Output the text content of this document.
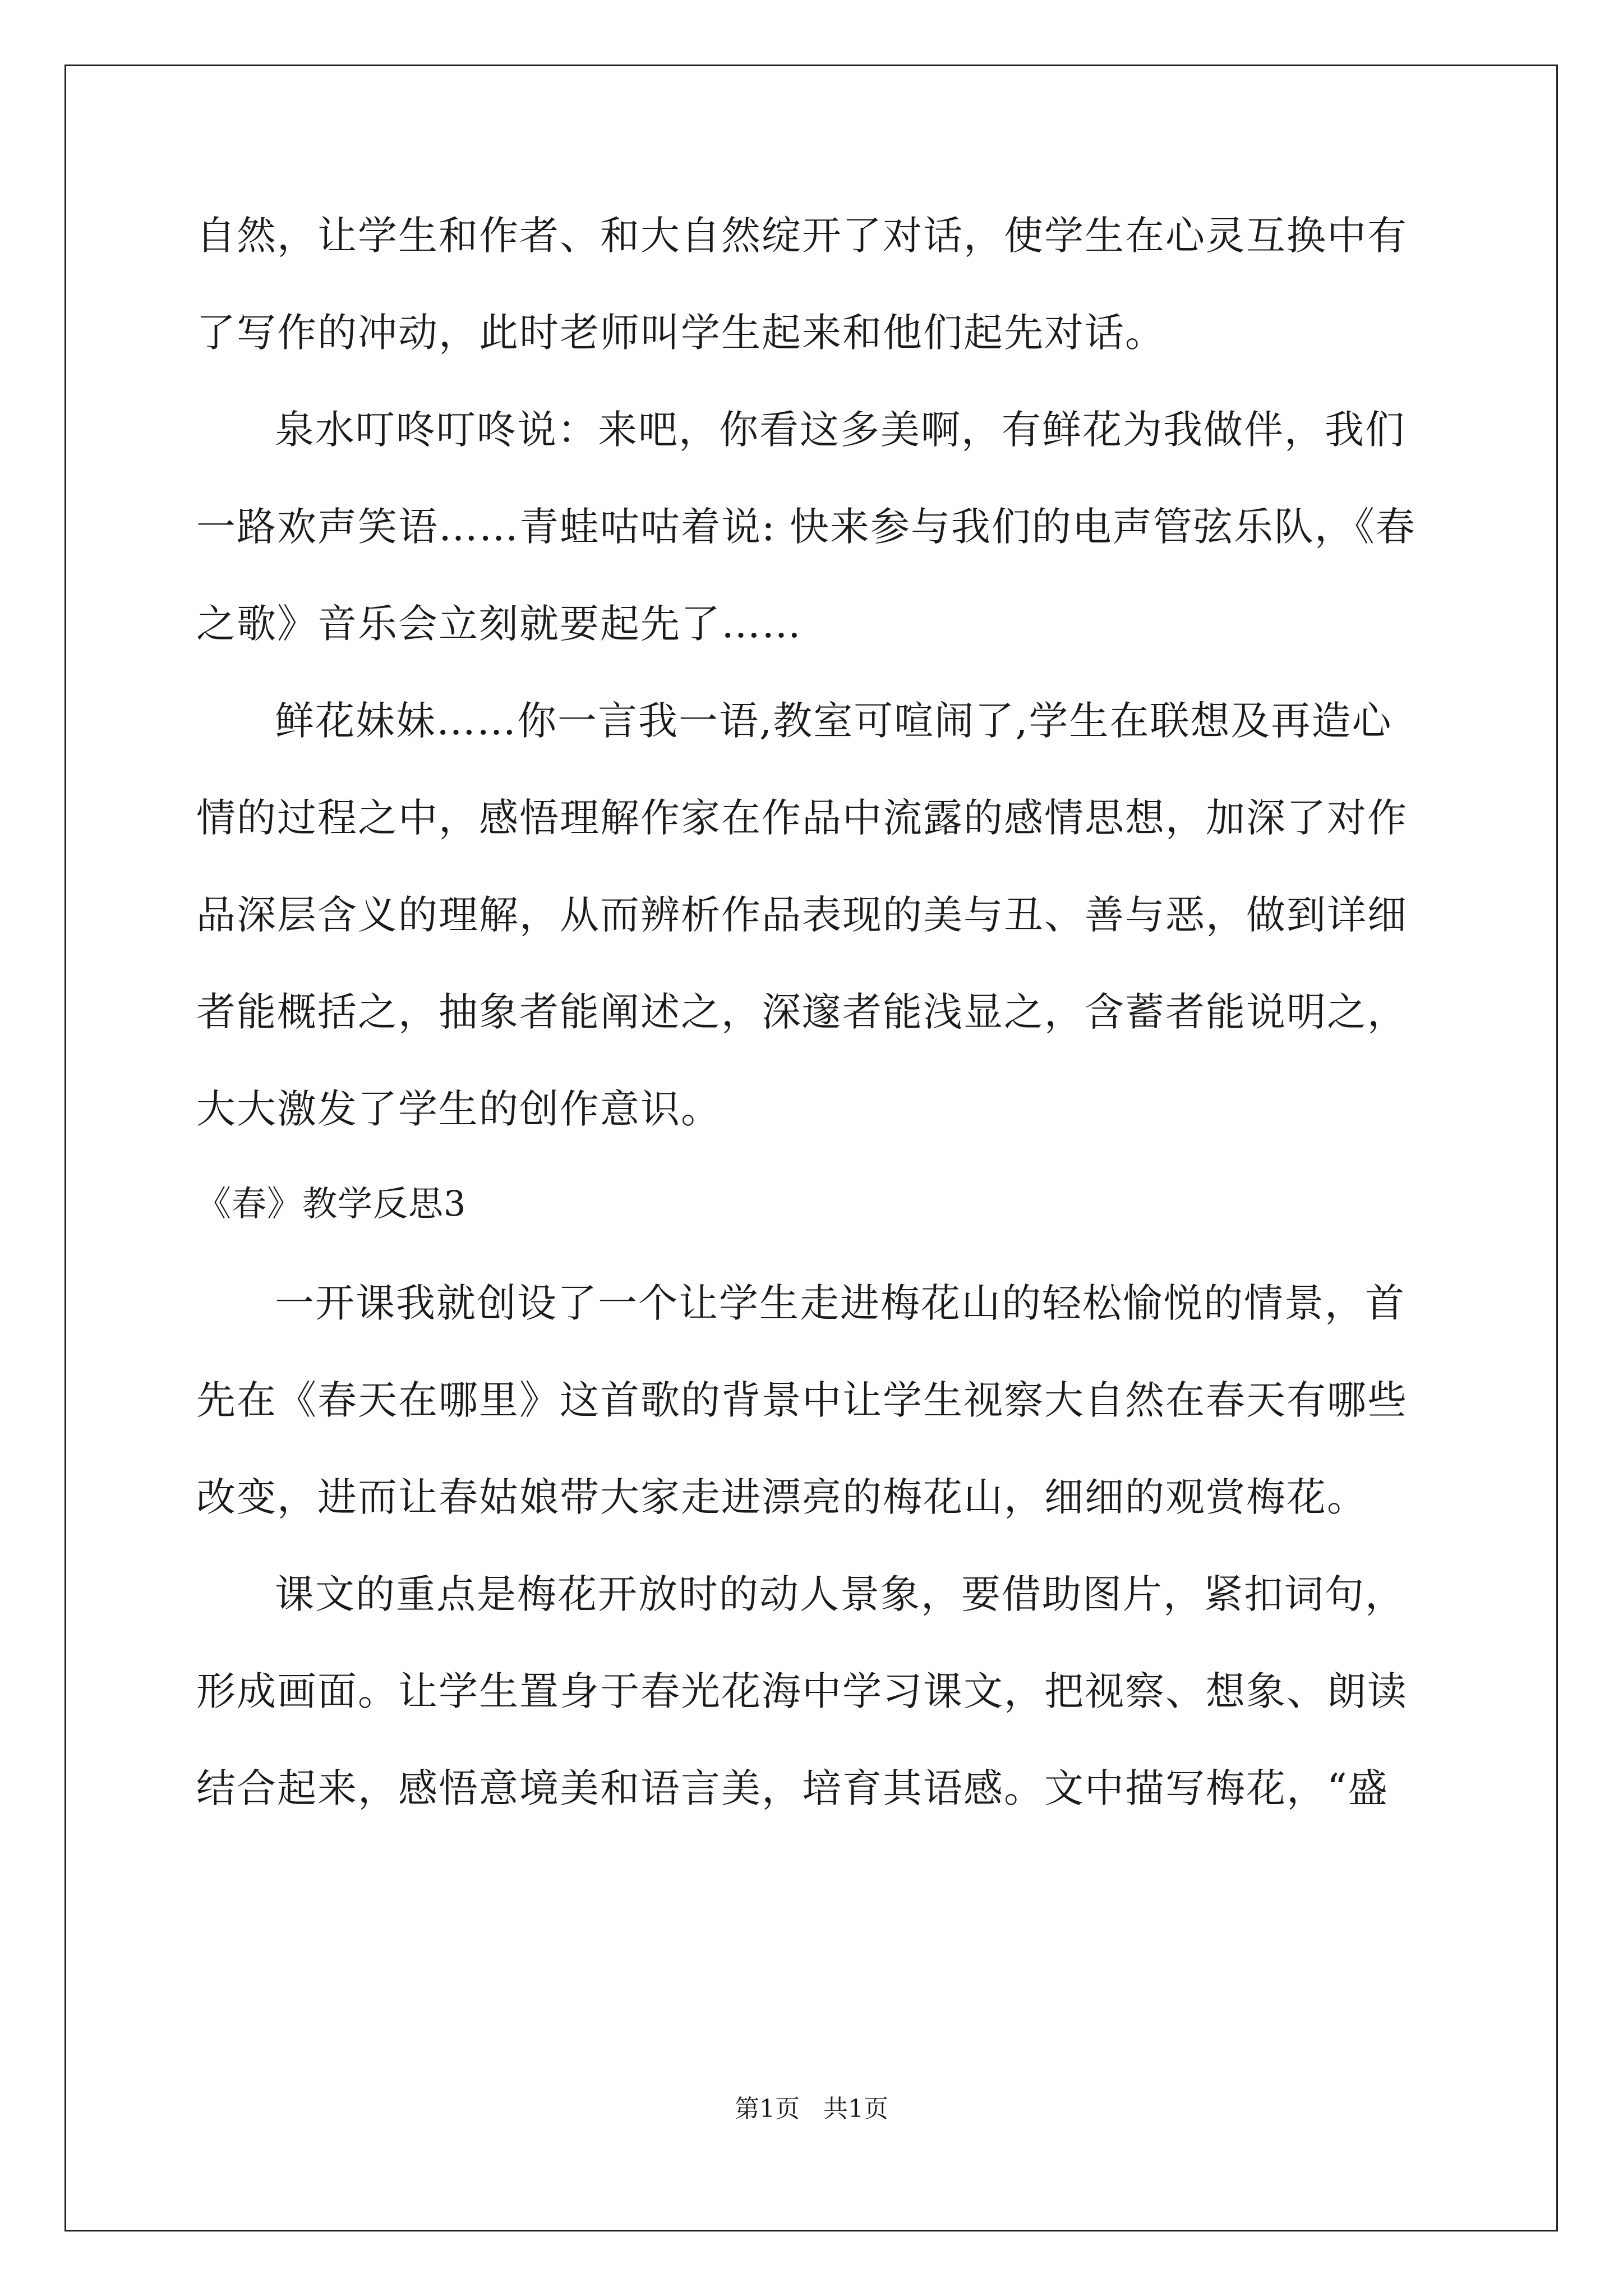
自然，让学生和作者、和大自然绽开了对话，使学生在心灵互换中有
了写作的冲动，此时老师叫学生起来和他们起先对话。
泉水叮咚叮咚说：来吧，你看这多美啊，有鲜花为我做伴，我们
一路欢声笑语……青蛙咕咕着说: 快来参与我们的电声管弦乐队，《春
之歌》音乐会立刻就要起先了……
鲜花妹妹……你一言我一语,教室可喧闹了,学生在联想及再造心
情的过程之中，感悟理解作家在作品中流露的感情思想，加深了对作
品深层含义的理解，从而辨析作品表现的美与丑、善与恶，做到详细
者能概括之，抽象者能阐述之，深邃者能浅显之，含蓄者能说明之，
大大激发了学生的创作意识。
《春》教学反思3
一开课我就创设了一个让学生走进梅花山的轻松愉悦的情景，首
先在《春天在哪里》这首歌的背景中让学生视察大自然在春天有哪些
改变，进而让春姑娘带大家走进漂亮的梅花山，细细的观赏梅花。
课文的重点是梅花开放时的动人景象，要借助图片，紧扣词句，
形成画面。让学生置身于春光花海中学习课文，把视察、想象、朗读
结合起来，感悟意境美和语言美，培育其语感。文中描写梅花，“盛
第1页   共1页
